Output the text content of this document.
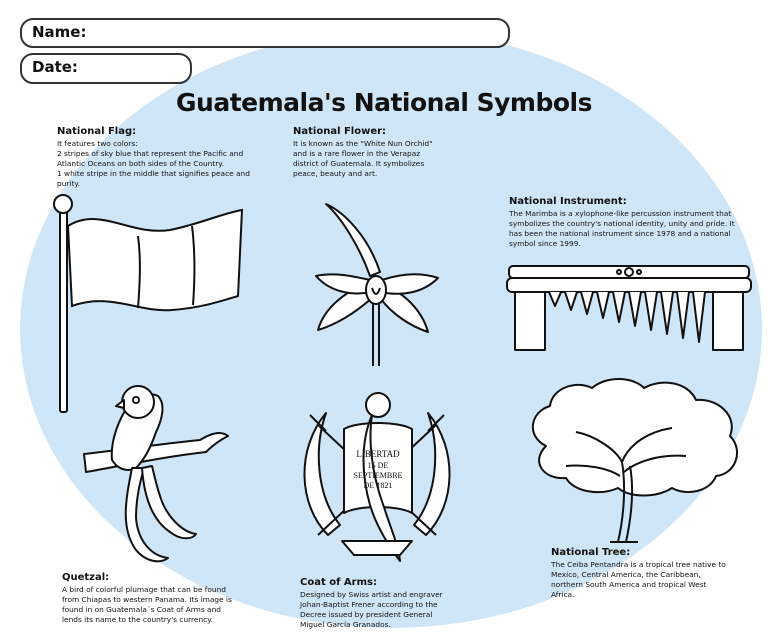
Name:
Date:
Guatemala's National Symbols
National Flag:
It features two colors:
2 stripes of sky blue that represent the Pacific and
Atlantic Oceans on both sides of the Country.
1 white stripe in the middle that signifies peace and
purity.
National Flower:
It is known as the "White Nun Orchid"
and is a rare flower in the Verapaz
district of Guatemala. It symbolizes
peace, beauty and art.
National Instrument:
The Marimba is a xylophone-like percussion instrument that
symbolizes the country's national identity, unity and pride. It
has been the national instrument since 1978 and a national
symbol since 1999.
Quetzal:
A bird of colorful plumage that can be found
from Chiapas to western Panama. Its image is
found in on Guatemala´s Coat of Arms and
lends its name to the country's currency.
Coat of Arms:
Designed by Swiss artist and engraver
Johan-Baptist Frener according to the
Decree issued by president General
Miguel García Granados.
National Tree:
The Ceiba Pentandra is a tropical tree native to
Mexico, Central America, the Caribbean,
northern South America and tropical West
Africa.
LIBERTAD
15 DE
SEPTIEMBRE
DE 1821
